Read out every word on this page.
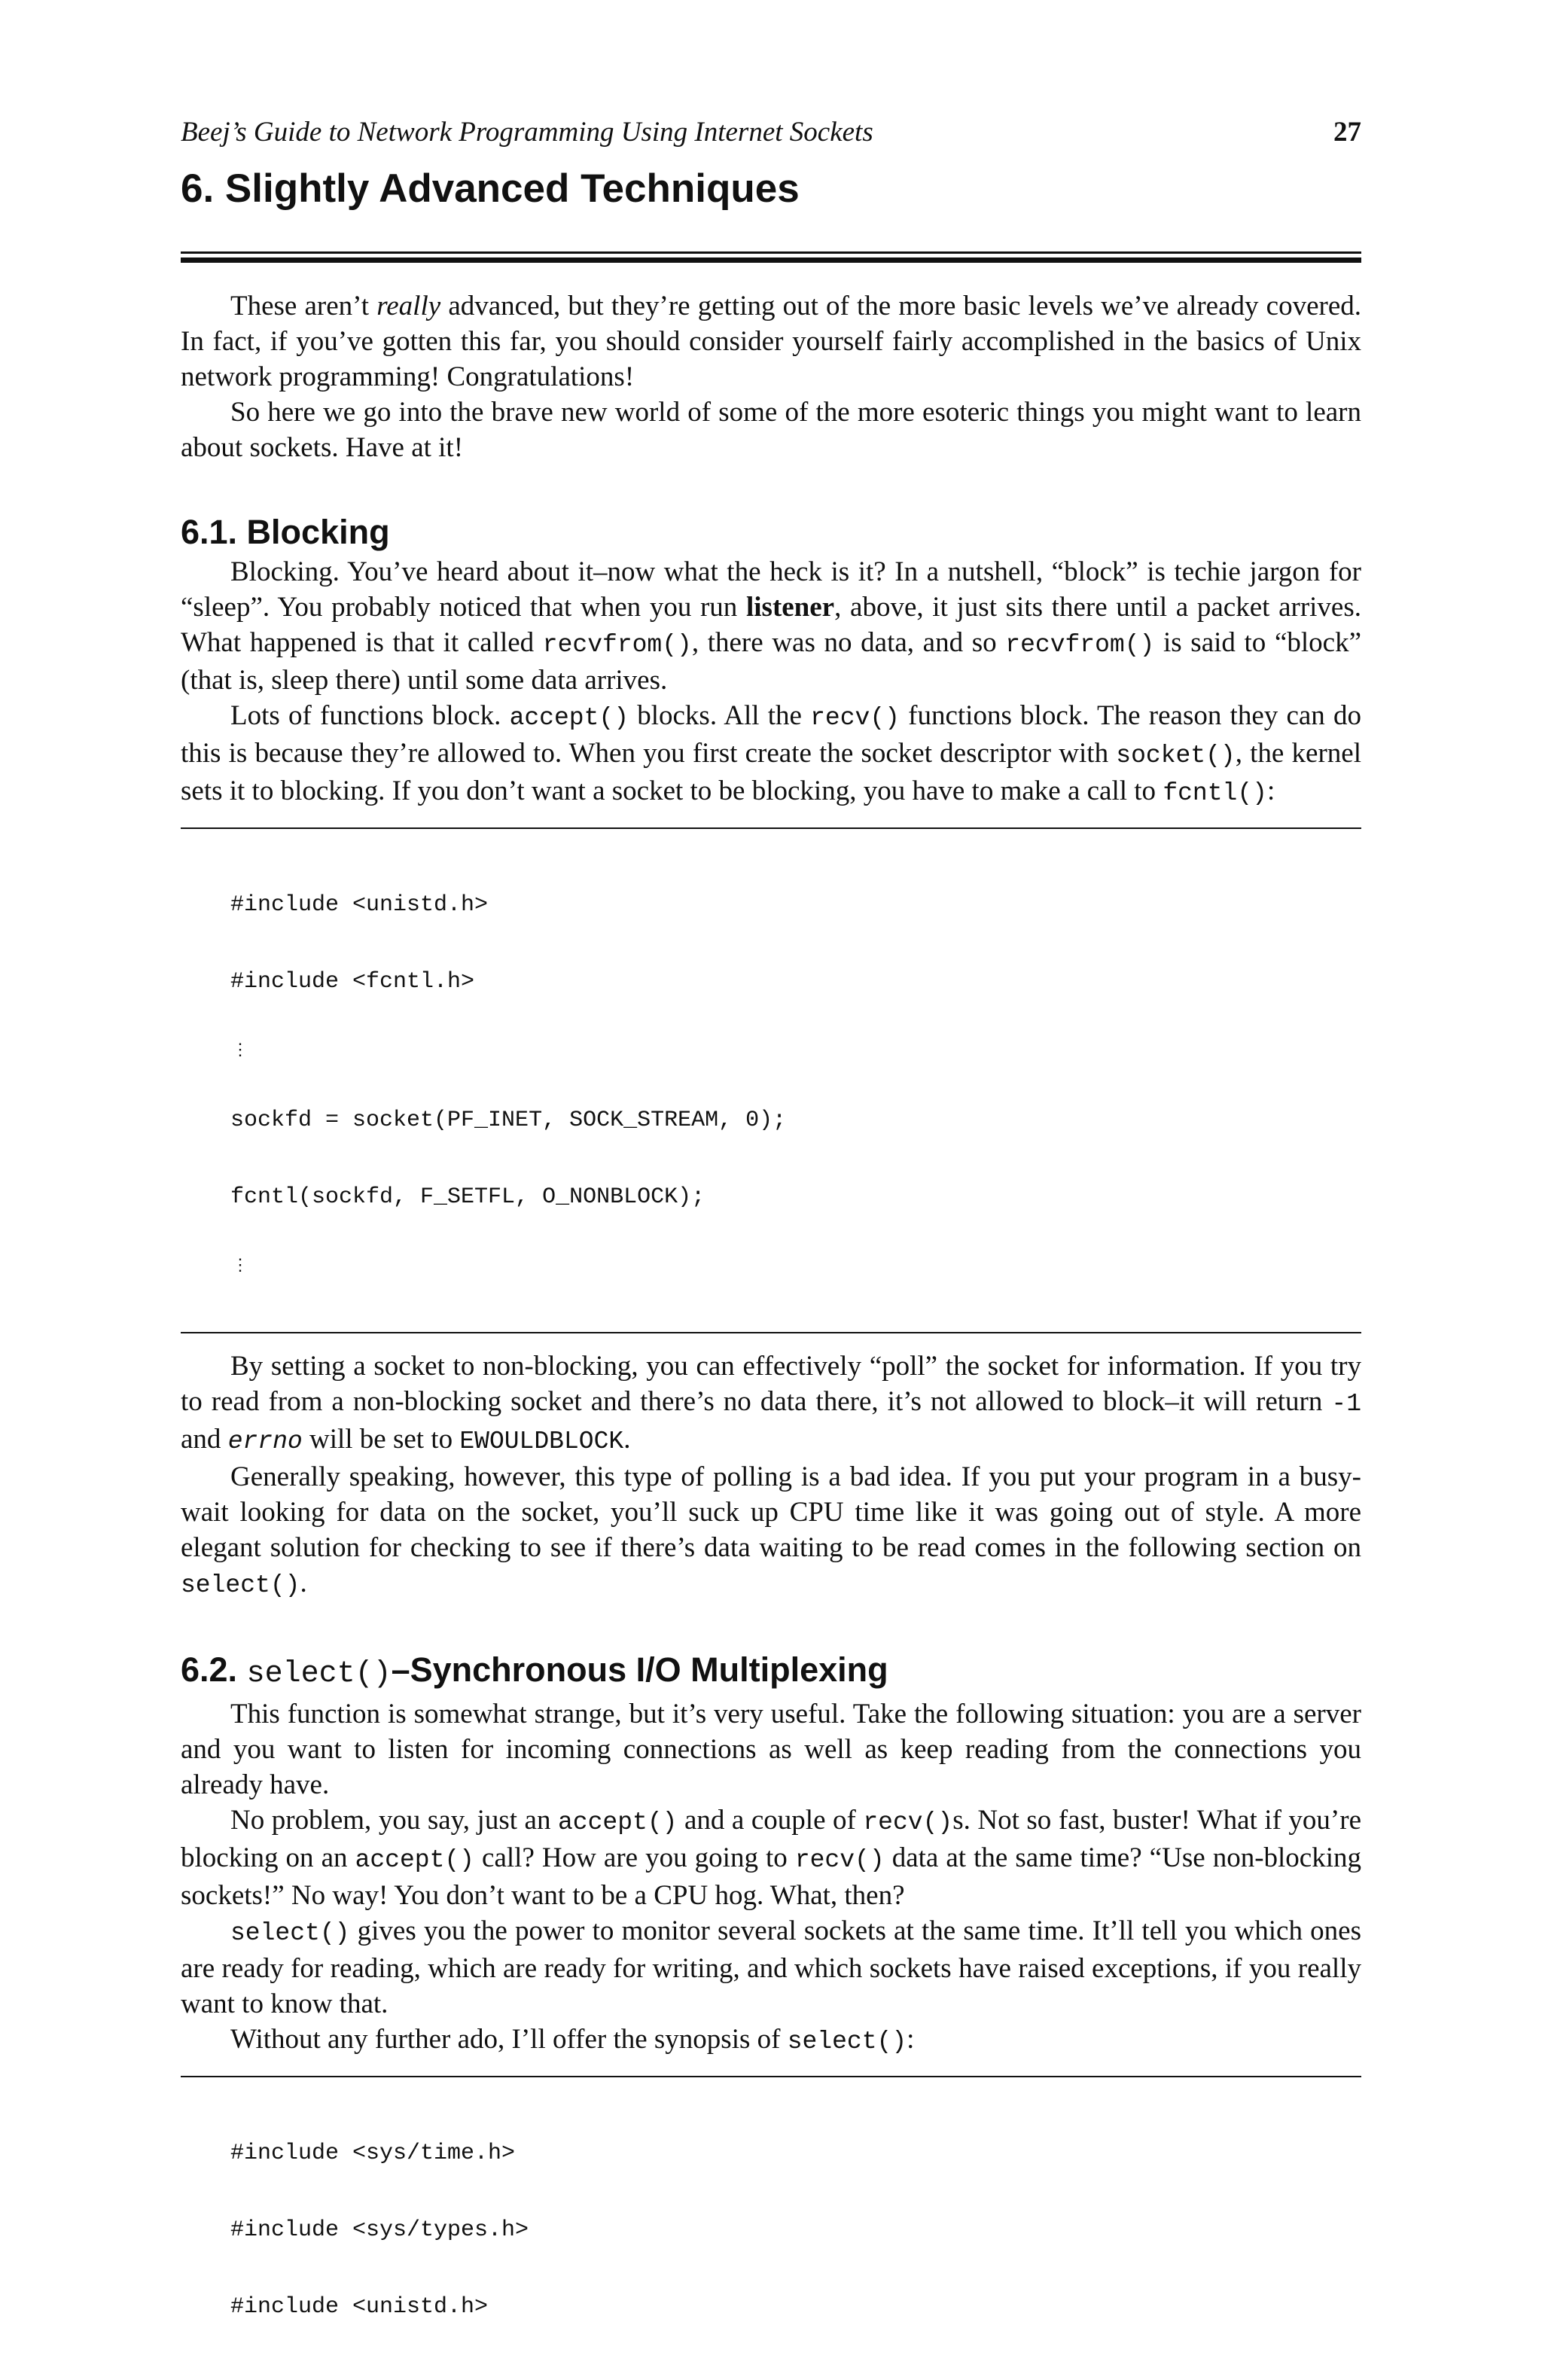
Beej’s Guide to Network Programming Using Internet Sockets	27
6. Slightly Advanced Techniques

These aren’t really advanced, but they’re getting out of the more basic levels we’ve already covered. In fact, if you’ve gotten this far, you should consider yourself fairly accomplished in the basics of Unix network programming! Congratulations!

So here we go into the brave new world of some of the more esoteric things you might want to learn about sockets. Have at it!

6.1. Blocking

Blocking. You’ve heard about it–now what the heck is it? In a nutshell, “block” is techie jargon for “sleep”. You probably noticed that when you run listener, above, it just sits there until a packet arrives. What happened is that it called recvfrom(), there was no data, and so recvfrom() is said to “block” (that is, sleep there) until some data arrives.

Lots of functions block. accept() blocks. All the recv() functions block. The reason they can do this is because they’re allowed to. When you first create the socket descriptor with socket(), the kernel sets it to blocking. If you don’t want a socket to be blocking, you have to make a call to fcntl():

#include <unistd.h>

#include <fcntl.h>

⋮

sockfd = socket(PF_INET, SOCK_STREAM, 0);

fcntl(sockfd, F_SETFL, O_NONBLOCK);

⋮

By setting a socket to non-blocking, you can effectively “poll” the socket for information. If you try to read from a non-blocking socket and there’s no data there, it’s not allowed to block–it will return -1 and errno will be set to EWOULDBLOCK.

Generally speaking, however, this type of polling is a bad idea. If you put your program in a busy-wait looking for data on the socket, you’ll suck up CPU time like it was going out of style. A more elegant solution for checking to see if there’s data waiting to be read comes in the following section on select().

6.2. select()–Synchronous I/O Multiplexing

This function is somewhat strange, but it’s very useful. Take the following situation: you are a server and you want to listen for incoming connections as well as keep reading from the connections you already have.

No problem, you say, just an accept() and a couple of recv()s. Not so fast, buster! What if you’re blocking on an accept() call? How are you going to recv() data at the same time? “Use non-blocking sockets!” No way! You don’t want to be a CPU hog. What, then?

select() gives you the power to monitor several sockets at the same time. It’ll tell you which ones are ready for reading, which are ready for writing, and which sockets have raised exceptions, if you really want to know that.

Without any further ado, I’ll offer the synopsis of select():

#include <sys/time.h>

#include <sys/types.h>

#include <unistd.h>
